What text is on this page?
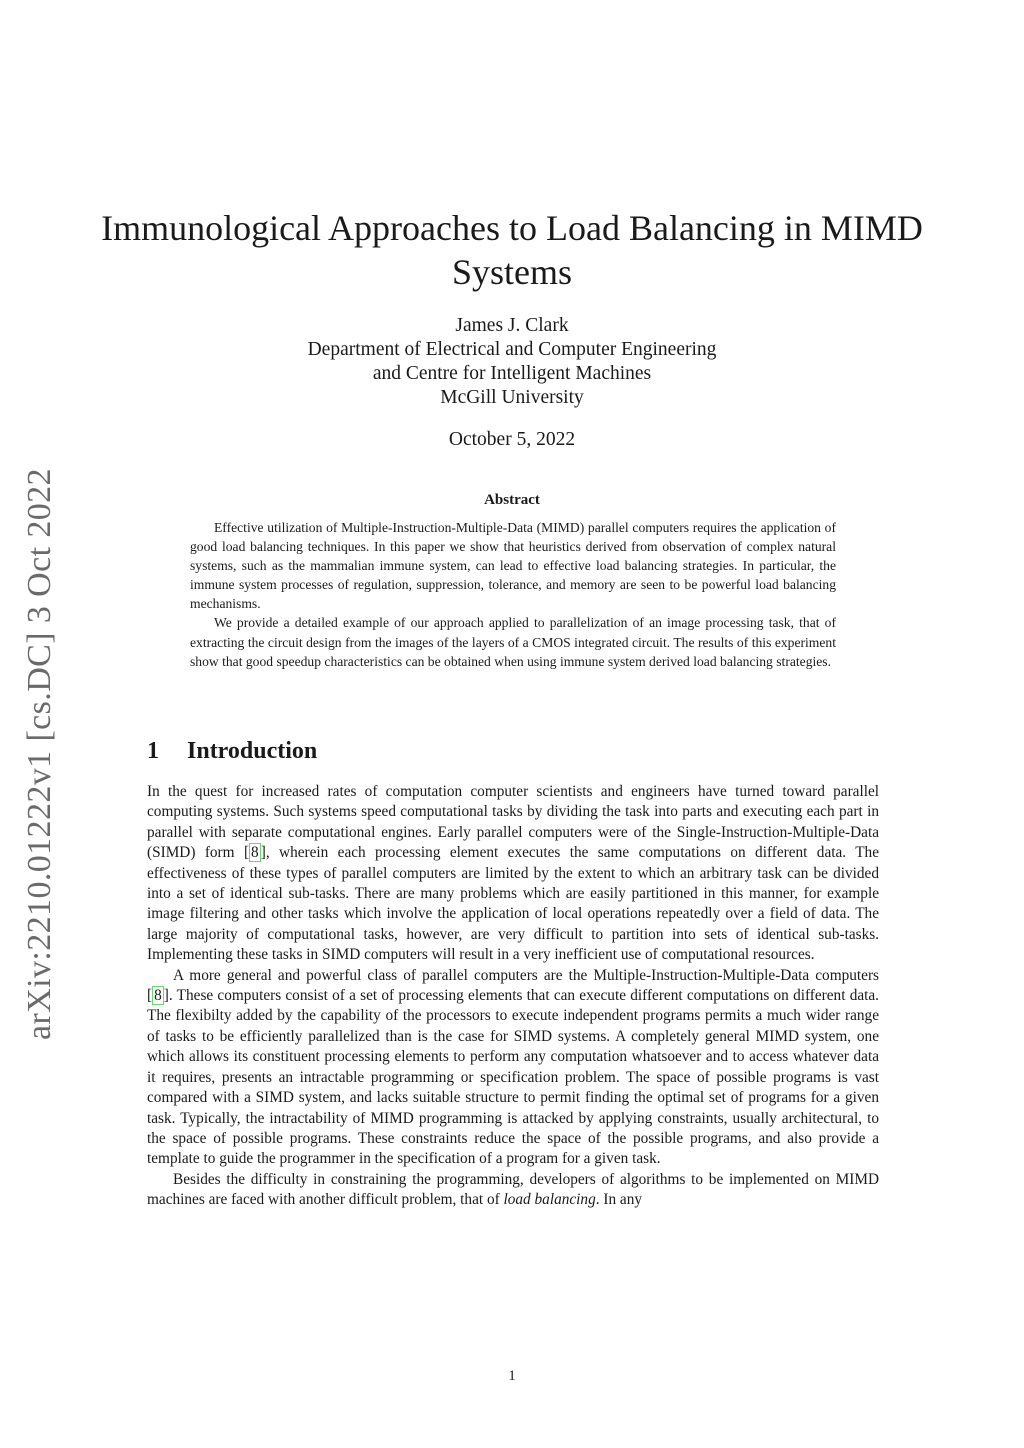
arXiv:2210.01222v1 [cs.DC] 3 Oct 2022
Immunological Approaches to Load Balancing in MIMD Systems
James J. Clark
Department of Electrical and Computer Engineering
and Centre for Intelligent Machines
McGill University
October 5, 2022
Abstract

Effective utilization of Multiple-Instruction-Multiple-Data (MIMD) parallel computers requires the application of good load balancing techniques. In this paper we show that heuristics derived from observation of complex natural systems, such as the mammalian immune system, can lead to effective load balancing strategies. In particular, the immune system processes of regulation, suppression, tolerance, and memory are seen to be powerful load balancing mechanisms.

We provide a detailed example of our approach applied to parallelization of an image processing task, that of extracting the circuit design from the images of the layers of a CMOS integrated circuit. The results of this experiment show that good speedup characteristics can be obtained when using immune system derived load balancing strategies.

1 Introduction

In the quest for increased rates of computation computer scientists and engineers have turned toward parallel computing systems. Such systems speed computational tasks by dividing the task into parts and executing each part in parallel with separate computational engines. Early parallel computers were of the Single-Instruction-Multiple-Data (SIMD) form [ 8 ], wherein each processing element executes the same computations on different data. The effectiveness of these types of parallel computers are limited by the extent to which an arbitrary task can be divided into a set of identical sub-tasks. There are many problems which are easily partitioned in this manner, for example image filtering and other tasks which involve the application of local operations repeatedly over a field of data. The large majority of computational tasks, however, are very difficult to partition into sets of identical sub-tasks. Implementing these tasks in SIMD computers will result in a very inefficient use of computational resources.

A more general and powerful class of parallel computers are the Multiple-Instruction-Multiple-Data computers [ 8 ]. These computers consist of a set of processing elements that can execute different computations on different data. The flexibilty added by the capability of the processors to execute independent programs permits a much wider range of tasks to be efficiently parallelized than is the case for SIMD systems. A completely general MIMD system, one which allows its constituent processing elements to perform any computation whatsoever and to access whatever data it requires, presents an intractable programming or specification problem. The space of possible programs is vast compared with a SIMD system, and lacks suitable structure to permit finding the optimal set of programs for a given task. Typically, the intractability of MIMD programming is attacked by applying constraints, usually architectural, to the space of possible programs. These constraints reduce the space of the possible programs, and also provide a template to guide the programmer in the specification of a program for a given task.

Besides the difficulty in constraining the programming, developers of algorithms to be implemented on MIMD machines are faced with another difficult problem, that of load balancing. In any

1
